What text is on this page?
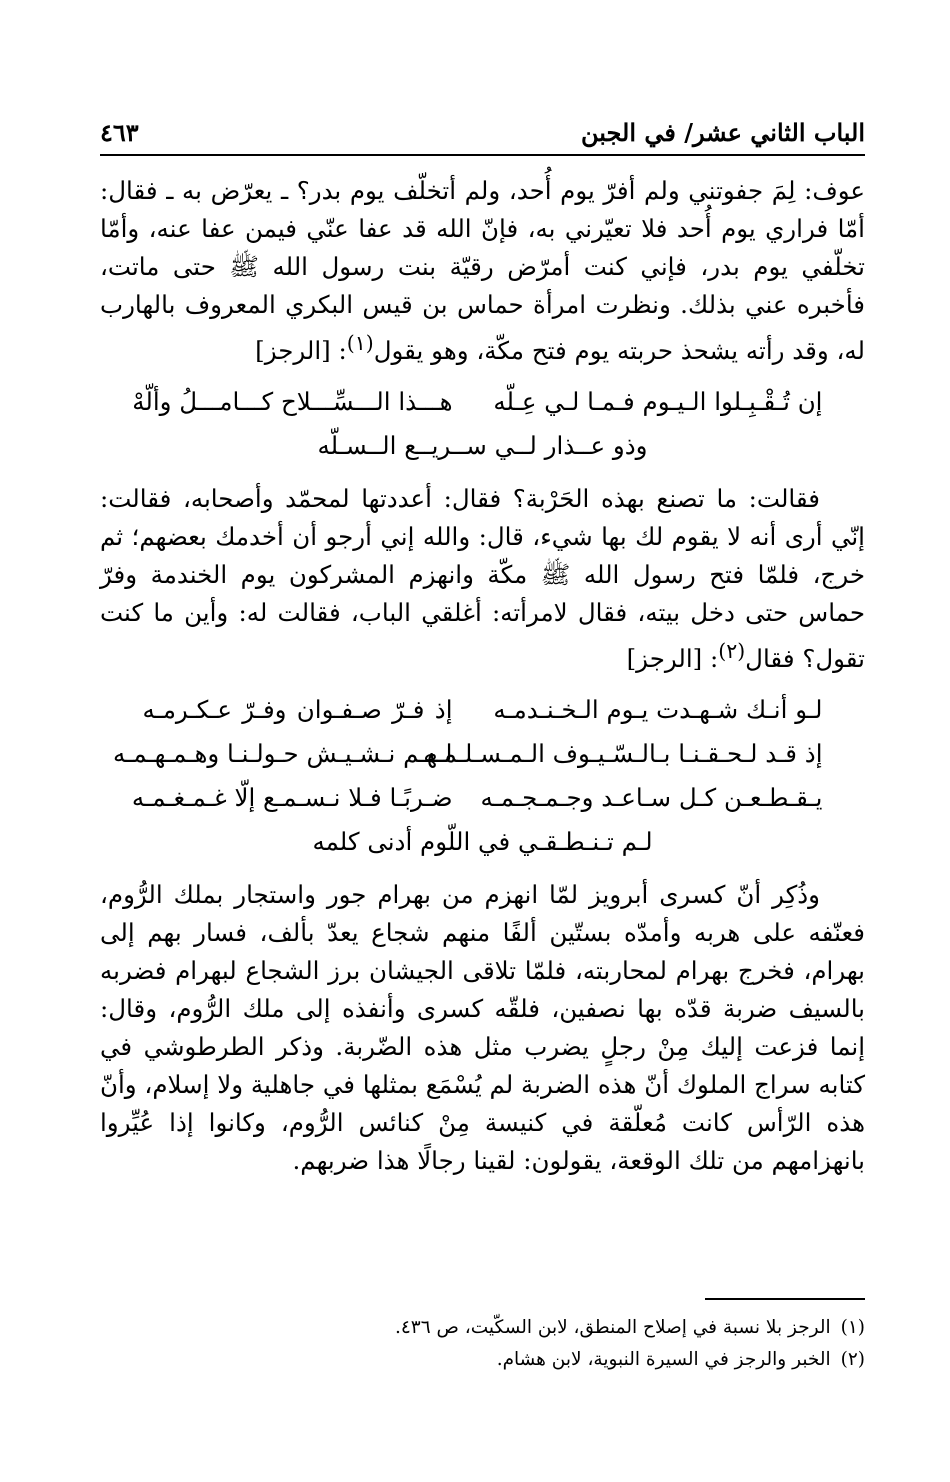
الباب الثاني عشر/ في الجبن
٤٦٣

عوف: لِمَ جفوتني ولم أفرّ يوم أُحد، ولم أتخلّف يوم بدر؟ ـ يعرّض به ـ فقال: أمّا فراري يوم أُحد فلا تعيّرني به، فإنّ الله قد عفا عنّي فيمن عفا عنه، وأمّا تخلّفي يوم بدر، فإني كنت أمرّض رقيّة بنت رسول الله ﷺ حتى ماتت، فأخبره عني بذلك. ونظرت امرأة حماس بن قيس البكري المعروف بالهارب له، وقد رأته يشحذ حربته يوم فتح مكّة، وهو يقول$^{(١)}$: [الرجز]

إن تُـقْـبِـلوا الـيـوم فـمـا لـي عِـلّه
هـــذا الـــسِّـــلاح كـــامـــلُ وألّهْ
وذو عــذار لــي ســريــع الــسـلّه

فقالت: ما تصنع بهذه الحَرْبة؟ فقال: أعددتها لمحمّد وأصحابه، فقالت: إنّي أرى أنه لا يقوم لك بها شيء، قال: والله إني أرجو أن أخدمك بعضهم؛ ثم خرج، فلمّا فتح رسول الله ﷺ مكّة وانهزم المشركون يوم الخندمة وفرّ حماس حتى دخل بيته، فقال لامرأته: أغلقي الباب، فقالت له: وأين ما كنت تقول؟ فقال$^{(٢)}$: [الرجز]

لـو أنـك شـهـدت يـوم الـخـنـدمـه
إذ فـرّ صـفـوان وفـرّ عـكـرمـه
إذ قـد لـحـقـنـا بـالـسّـيـوف الـمـسـلـمـه
لـهـم نـشـيـش حـولـنـا وهـمـهـمـه
يـقـطـعـن كـل سـاعـد وجـمـجـمـه
ضـربًـا فـلا نـسـمـع إلّا غـمـغـمـه
لـم تـنـطـقـي في اللّوم أدنى كلمه

وذُكِر أنّ كسرى أبرويز لمّا انهزم من بهرام جور واستجار بملك الرُّوم، فعنّفه على هربه وأمدّه بستّين ألفًا منهم شجاع يعدّ بألف، فسار بهم إلى بهرام، فخرج بهرام لمحاربته، فلمّا تلاقى الجيشان برز الشجاع لبهرام فضربه بالسيف ضربة قدّه بها نصفين، فلقّه كسرى وأنفذه إلى ملك الرُّوم، وقال: إنما فزعت إليك مِنْ رجلٍ يضرب مثل هذه الضّربة. وذكر الطرطوشي في كتابه سراج الملوك أنّ هذه الضربة لم يُسْمَع بمثلها في جاهلية ولا إسلام، وأنّ هذه الرّأس كانت مُعلّقة في كنيسة مِنْ كنائس الرُّوم، وكانوا إذا عُيِّروا بانهزامهم من تلك الوقعة، يقولون: لقينا رجالًا هذا ضربهم.

(١)الرجز بلا نسبة في إصلاح المنطق، لابن السكّيت، ص ٤٣٦.
(٢)الخبر والرجز في السيرة النبوية، لابن هشام.
